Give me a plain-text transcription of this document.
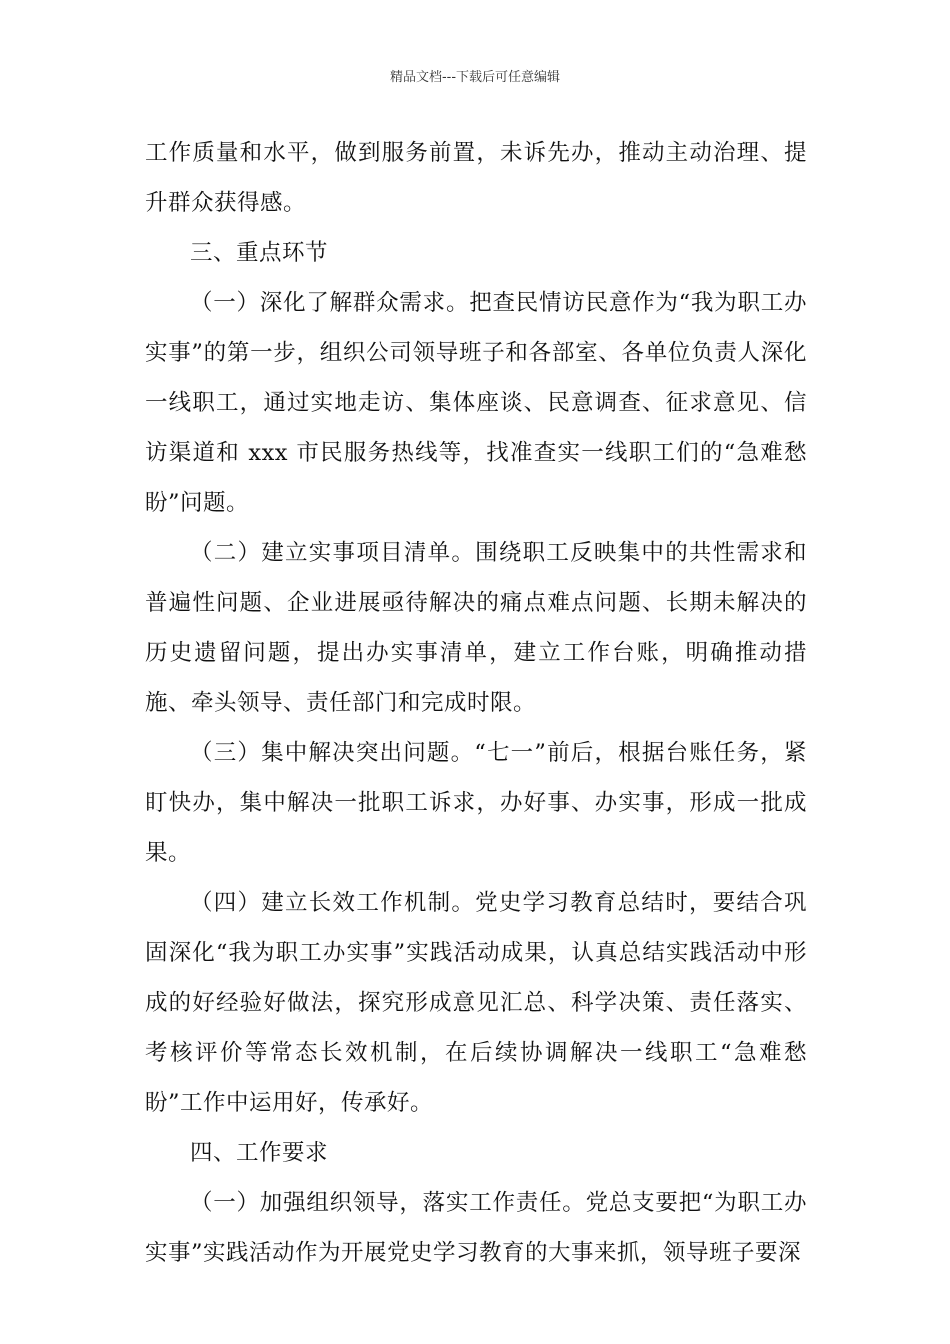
精品文档---下载后可任意编辑

工作质量和水平，做到服务前置，未诉先办，推动主动治理、提升群众获得感。

三、重点环节

（一）深化了解群众需求。把查民情访民意作为“我为职工办实事”的第一步，组织公司领导班子和各部室、各单位负责人深化一线职工，通过实地走访、集体座谈、民意调查、征求意见、信访渠道和 xxx 市民服务热线等，找准查实一线职工们的“急难愁盼”问题。

（二）建立实事项目清单。围绕职工反映集中的共性需求和普遍性问题、企业进展亟待解决的痛点难点问题、长期未解决的历史遗留问题，提出办实事清单，建立工作台账，明确推动措施、牵头领导、责任部门和完成时限。

（三）集中解决突出问题。“七一”前后，根据台账任务，紧盯快办，集中解决一批职工诉求，办好事、办实事，形成一批成果。

（四）建立长效工作机制。党史学习教育总结时，要结合巩固深化“我为职工办实事”实践活动成果，认真总结实践活动中形成的好经验好做法，探究形成意见汇总、科学决策、责任落实、考核评价等常态长效机制，在后续协调解决一线职工“急难愁盼”工作中运用好，传承好。

四、工作要求

（一）加强组织领导，落实工作责任。党总支要把“为职工办实事”实践活动作为开展党史学习教育的大事来抓，领导班子要深
